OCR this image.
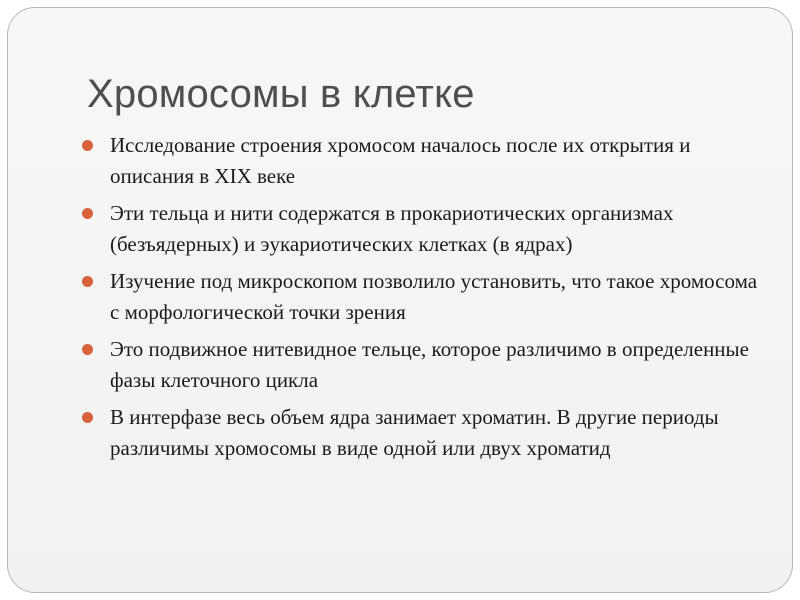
Хромосомы в клетке
Исследование строения хромосом началось после их открытия и описания в XIX веке
Эти тельца и нити содержатся в прокариотических организмах (безъядерных) и эукариотических клетках (в ядрах)
Изучение под микроскопом позволило установить, что такое хромосома с морфологической точки зрения
Это подвижное нитевидное тельце, которое различимо в определенные фазы клеточного цикла
В интерфазе весь объем ядра занимает хроматин. В другие периоды различимы хромосомы в виде одной или двух хроматид
